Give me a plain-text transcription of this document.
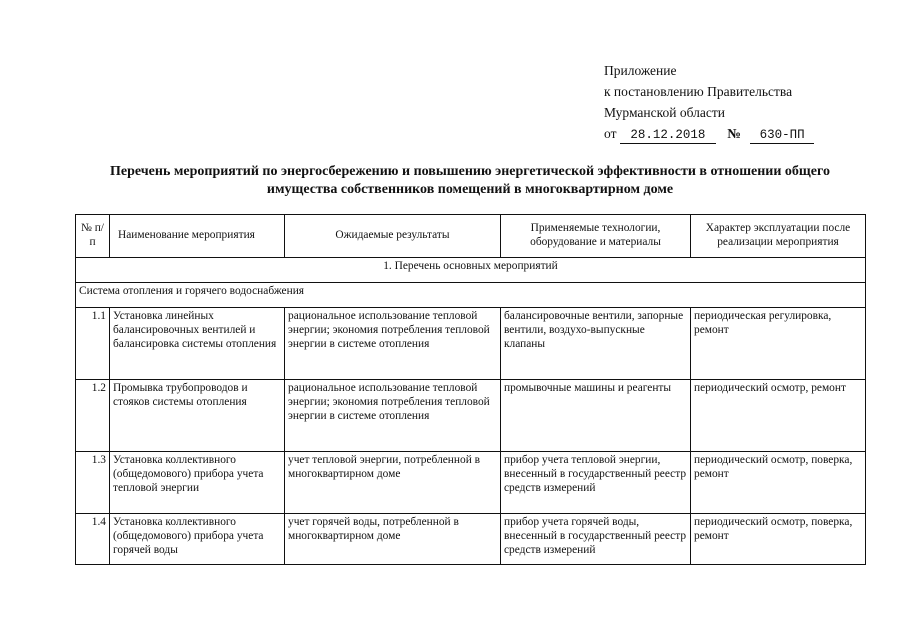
Приложение
к постановлению Правительства
Мурманской области
от 28.12.2018 № 630-ПП
Перечень мероприятий по энергосбережению и повышению энергетической эффективности в отношении общего
имущества собственников помещений в многоквартирном доме
№ п/п	Наименование мероприятия	Ожидаемые результаты	Применяемые технологии, оборудование и материалы	Характер эксплуатации после реализации мероприятия
1. Перечень основных мероприятий				
Система отопления и горячего водоснабжения				
1.1	Установка линейных балансировочных вентилей и балансировка системы отопления	рациональное использование тепловой энергии; экономия потребления тепловой энергии в системе отопления	балансировочные вентили, запорные вентили, воздухо-выпускные клапаны	периодическая регулировка, ремонт
1.2	Промывка трубопроводов и стояков системы отопления	рациональное использование тепловой энергии; экономия потребления тепловой энергии в системе отопления	промывочные машины и реагенты	периодический осмотр, ремонт
1.3	Установка коллективного (общедомового) прибора учета тепловой энергии	учет тепловой энергии, потребленной в многоквартирном доме	прибор учета тепловой энергии, внесенный в государственный реестр средств измерений	периодический осмотр, поверка, ремонт
1.4	Установка коллективного (общедомового) прибора учета горячей воды	учет горячей воды, потребленной в многоквартирном доме	прибор учета горячей воды, внесенный в государственный реестр средств измерений	периодический осмотр, поверка, ремонт
